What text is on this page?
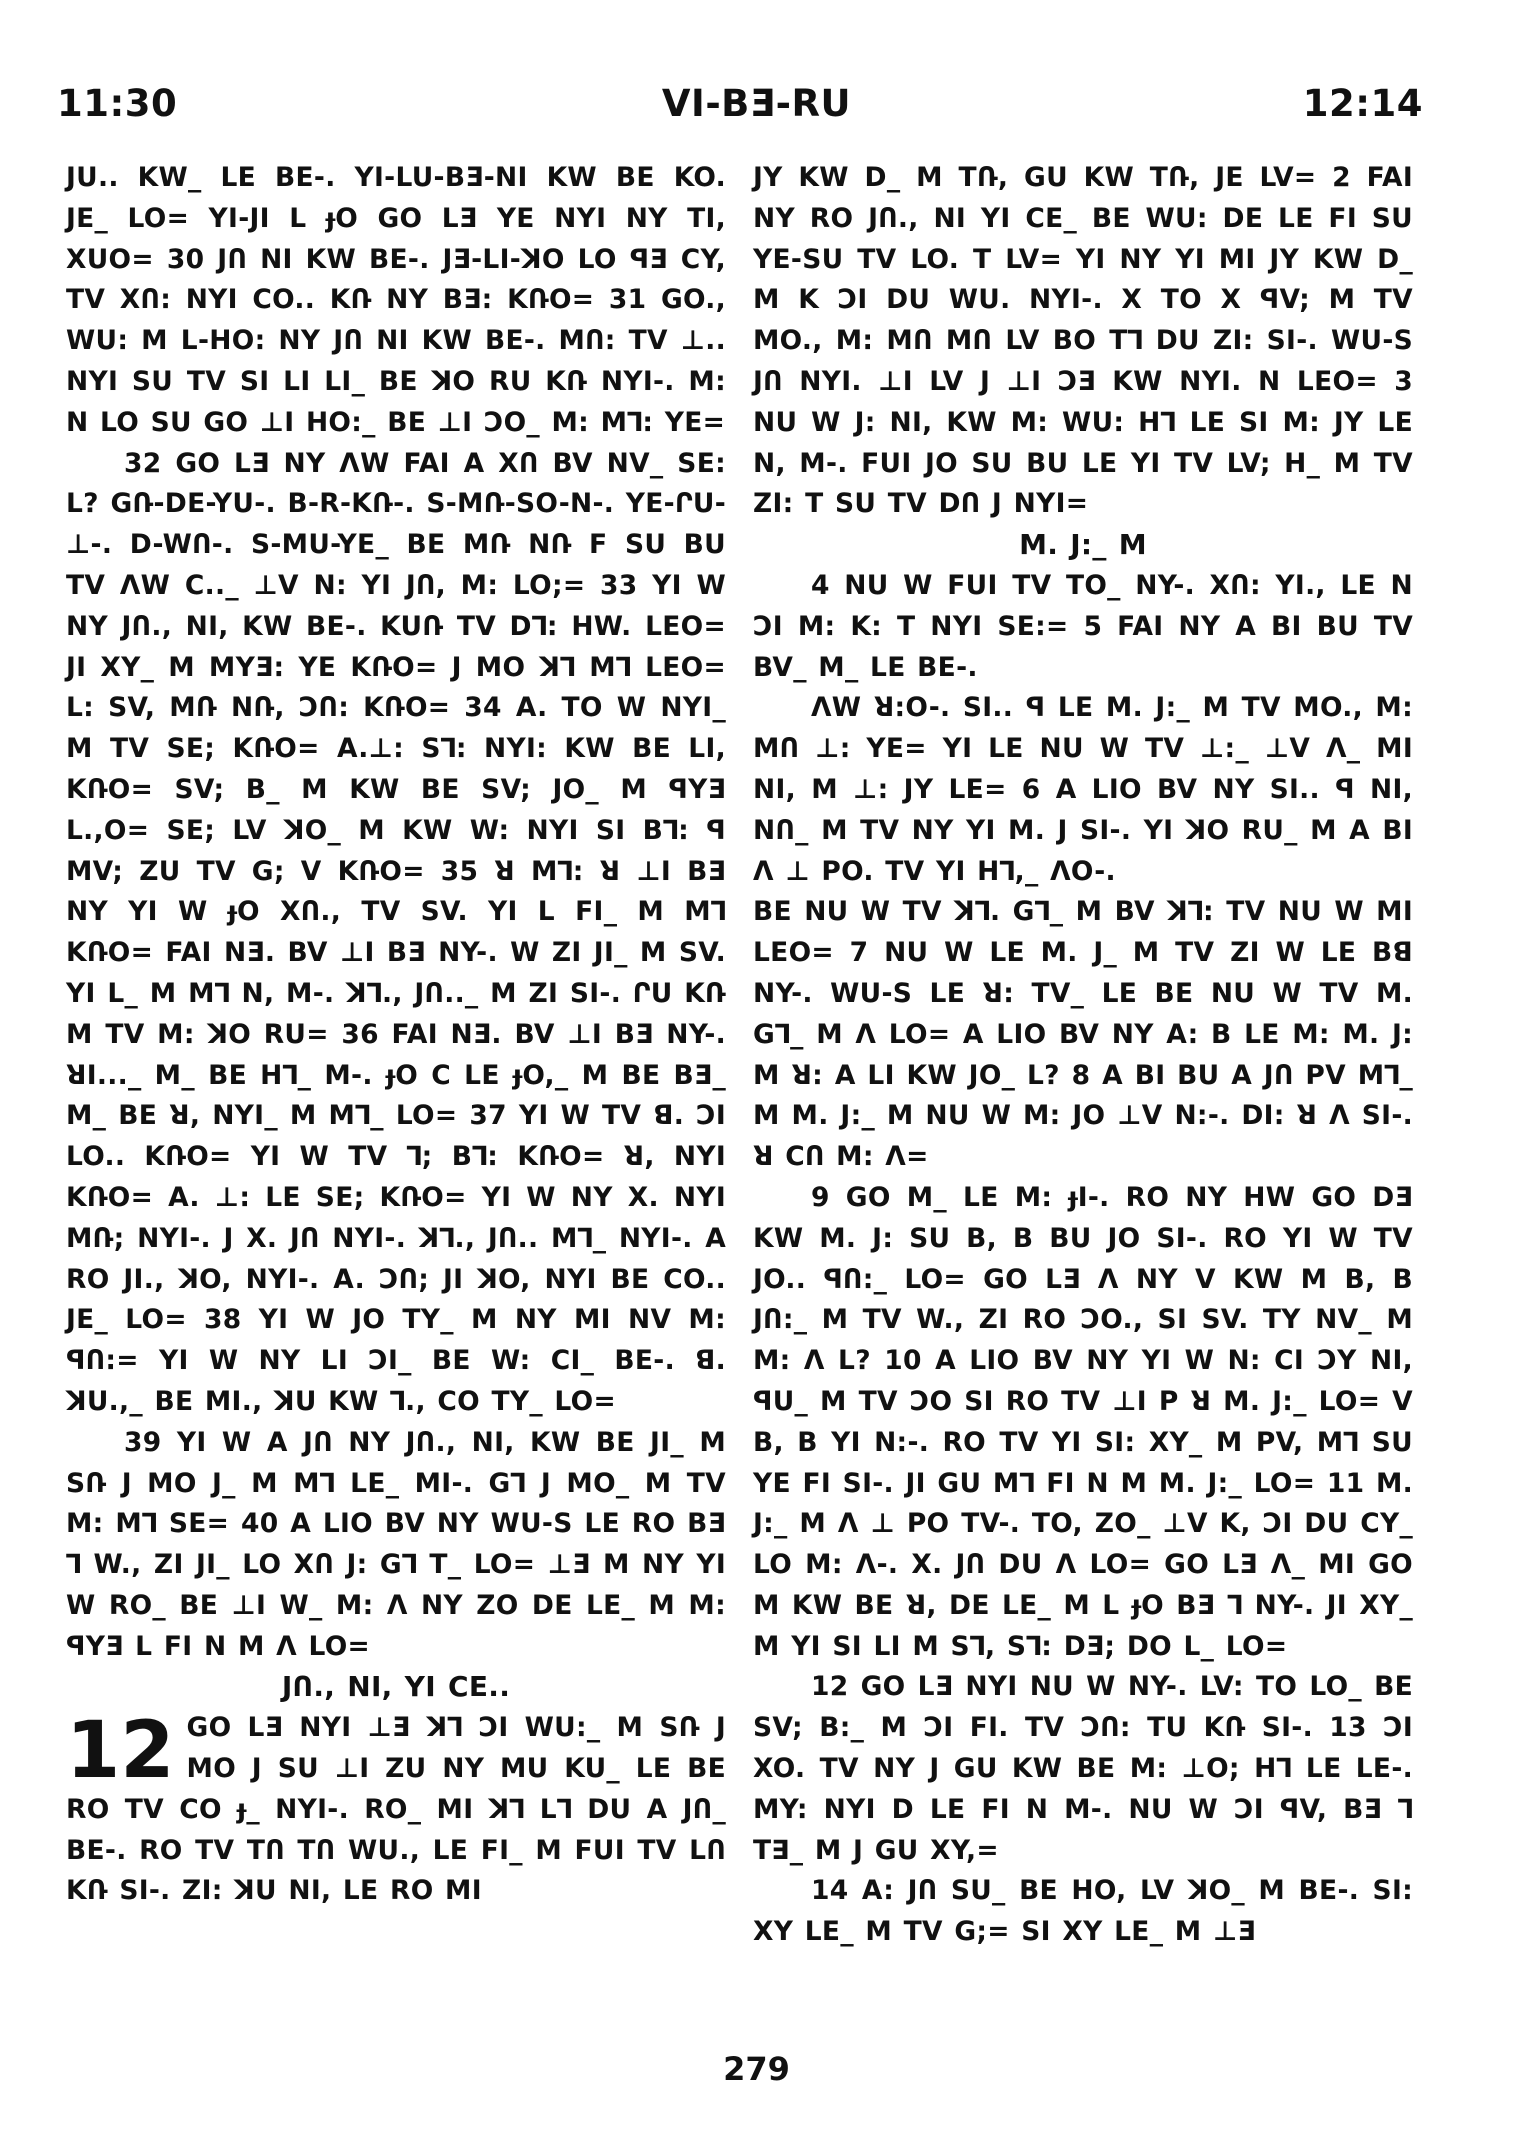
11:30	VI-BƎ-RU	12:14

JU.. KW_ LE BE-. YI-LU-BƎ-NI KW BE KO. JE_ LO= YI-JI L ɟO GO LƎ YE NYI NY TI, XUO= 30 JՈ NI KW BE-. JƎ-LI-ꓘO LO ꟼƎ CY, TV XՈ: NYI CO.. KՌ NY BƎ: KՌO= 31 GO., WU: M L-HO: NY JՈ NI KW BE-. MՈ: TV ⊥.. NYI SU TV SI LI LI_ BE ꓘO RU KՌ NYI-. M: N LO SU GO ⊥I HO:_ BE ⊥I ƆO_ M: M⅂: YE=

32 GO LƎ NY ΛW FAI A XՈ BV NV_ SE: L? GՌ-DE-YU-. B-R-KՌ-. S-MՌ-SO-N-. YE-ՐU-⊥-. D-WՈ-. S-MU-YE_ BE MՌ NՌ F SU BU TV ΛW C.._ ⊥V N: YI JՈ, M: LO;= 33 YI W NY JՈ., NI, KW BE-. KUՌ TV D⅂: HW. LEO= JI XY_ M MYƎ: YE KՌO= J MO ꓘ⅂ M⅂ LEO= L: SV, MՌ NՌ, ƆՈ: KՌO= 34 A. TO W NYI_ M TV SE; KՌO= A.⊥: S⅂: NYI: KW BE LI, KՌO= SV; B_ M KW BE SV; JO_ M ꟼYƎ L.,O= SE; LV ꓘO_ M KW W: NYI SI B⅂: ꟼ MV; ZU TV G; V KՌO= 35 ꓤ M⅂: ꓤ ⊥I BƎ NY YI W ɟO XՈ., TV SV. YI L FI_ M M⅂ KՌO= FAI NƎ. BV ⊥I BƎ NY-. W ZI JI_ M SV. YI L_ M M⅂ N, M-. ꓘ⅂., JՈ.._ M ZI SI-. ՐU KՌ M TV M: ꓘO RU= 36 FAI NƎ. BV ⊥I BƎ NY-. ꓤI..._ M_ BE H⅂_ M-. ɟO C LE ɟO,_ M BE BƎ_ M_ BE ꓤ, NYI_ M M⅂_ LO= 37 YI W TV ꓭ. ƆI LO.. KՌO= YI W TV ⅂; B⅂: KՌO= ꓤ, NYI KՌO= A. ⊥: LE SE; KՌO= YI W NY X. NYI MՌ; NYI-. J X. JՈ NYI-. ꓘ⅂., JՈ.. M⅂_ NYI-. A RO JI., ꓘO, NYI-. A. ƆՈ; JI ꓘO, NYI BE CO.. JE_ LO= 38 YI W JO TY_ M NY MI NV M: ꟼՈ:= YI W NY LI ƆI_ BE W: CI_ BE-. ꓭ. ꓘU.,_ BE MI., ꓘU KW ⅂., CO TY_ LO=

39 YI W A JՈ NY JՈ., NI, KW BE JI_ M SՌ J MO J_ M M⅂ LE_ MI-. G⅂ J MO_ M TV M: M⅂ SE= 40 A LIO BV NY WU-S LE RO BƎ ⅂ W., ZI JI_ LO XՈ J: G⅂ T_ LO= ⊥Ǝ M NY YI W RO_ BE ⊥I W_ M: Λ NY ZO DE LE_ M M: ꟼYƎ L FI N M Λ LO=

JՈ., NI, YI CE..

12 GO LƎ NYI ⊥Ǝ ꓘ⅂ ƆI WU:_ M SՌ J MO J SU ⊥I ZU NY MU KU_ LE BE RO TV CO ɟ_ NYI-. RO_ MI ꓘ⅂ L⅂ DU A JՈ_ BE-. RO TV TՈ TՈ WU., LE FI_ M FUI TV LՈ KՌ SI-. ZI: ꓘU NI, LE RO MI

JY KW D_ M TՌ, GU KW TՌ, JE LV= 2 FAI NY RO JՈ., NI YI CE_ BE WU: DE LE FI SU YE-SU TV LO. T LV= YI NY YI MI JY KW D_ M K ƆI DU WU. NYI-. X TO X ꟼV; M TV MO., M: MՈ MՈ LV BO T⅂ DU ZI: SI-. WU-S JՈ NYI. ⊥I LV J ⊥I ƆƎ KW NYI. N LEO= 3 NU W J: NI, KW M: WU: H⅂ LE SI M: JY LE N, M-. FUI JO SU BU LE YI TV LV; H_ M TV ZI: T SU TV DՈ J NYI=

M. J:_ M

4 NU W FUI TV TO_ NY-. XՈ: YI., LE N ƆI M: K: T NYI SE:= 5 FAI NY A BI BU TV BV_ M_ LE BE-.

ΛW ꓤ:O-. SI.. ꟼ LE M. J:_ M TV MO., M: MՈ ⊥: YE= YI LE NU W TV ⊥:_ ⊥V Λ_ MI NI, M ⊥: JY LE= 6 A LIO BV NY SI.. ꟼ NI, NՈ_ M TV NY YI M. J SI-. YI ꓘO RU_ M A BI Λ ⊥ PO. TV YI H⅂,_ ΛO-.

BE NU W TV ꓘ⅂. G⅂_ M BV ꓘ⅂: TV NU W MI LEO= 7 NU W LE M. J_ M TV ZI W LE Bꓭ NY-. WU-S LE ꓤ: TV_ LE BE NU W TV M. G⅂_ M Λ LO= A LIO BV NY A: B LE M: M. J: M ꓤ: A LI KW JO_ L? 8 A BI BU A JՈ PV M⅂_ M M. J:_ M NU W M: JO ⊥V N:-. DI: ꓤ Λ SI-. ꓤ CՈ M: Λ=

9 GO M_ LE M: ɟI-. RO NY HW GO DƎ KW M. J: SU B, B BU JO SI-. RO YI W TV JO.. ꟼՈ:_ LO= GO LƎ Λ NY V KW M B, B JՈ:_ M TV W., ZI RO ƆO., SI SV. TY NV_ M M: Λ L? 10 A LIO BV NY YI W N: CI ƆY NI, ꟼU_ M TV ƆO SI RO TV ⊥I P ꓤ M. J:_ LO= V B, B YI N:-. RO TV YI SI: XY_ M PV, M⅂ SU YE FI SI-. JI GU M⅂ FI N M M. J:_ LO= 11 M. J:_ M Λ ⊥ PO TV-. TO, ZO_ ⊥V K, ƆI DU CY_ LO M: Λ-. X. JՈ DU Λ LO= GO LƎ Λ_ MI GO M KW BE ꓤ, DE LE_ M L ɟO BƎ ⅂ NY-. JI XY_ M YI SI LI M S⅂, S⅂: DƎ; DO L_ LO=

12 GO LƎ NYI NU W NY-. LV: TO LO_ BE SV; B:_ M ƆI FI. TV ƆՈ: TU KՌ SI-. 13 ƆI XO. TV NY J GU KW BE M: ⊥O; H⅂ LE LE-. MY: NYI D LE FI N M-. NU W ƆI ꟼV, BƎ ⅂ T∃_ M J GU XY,=

14 A: JՈ SU_ BE HO, LV ꓘO_ M BE-. SI: XY LE_ M TV G;= SI XY LE_ M ⊥Ǝ

279
